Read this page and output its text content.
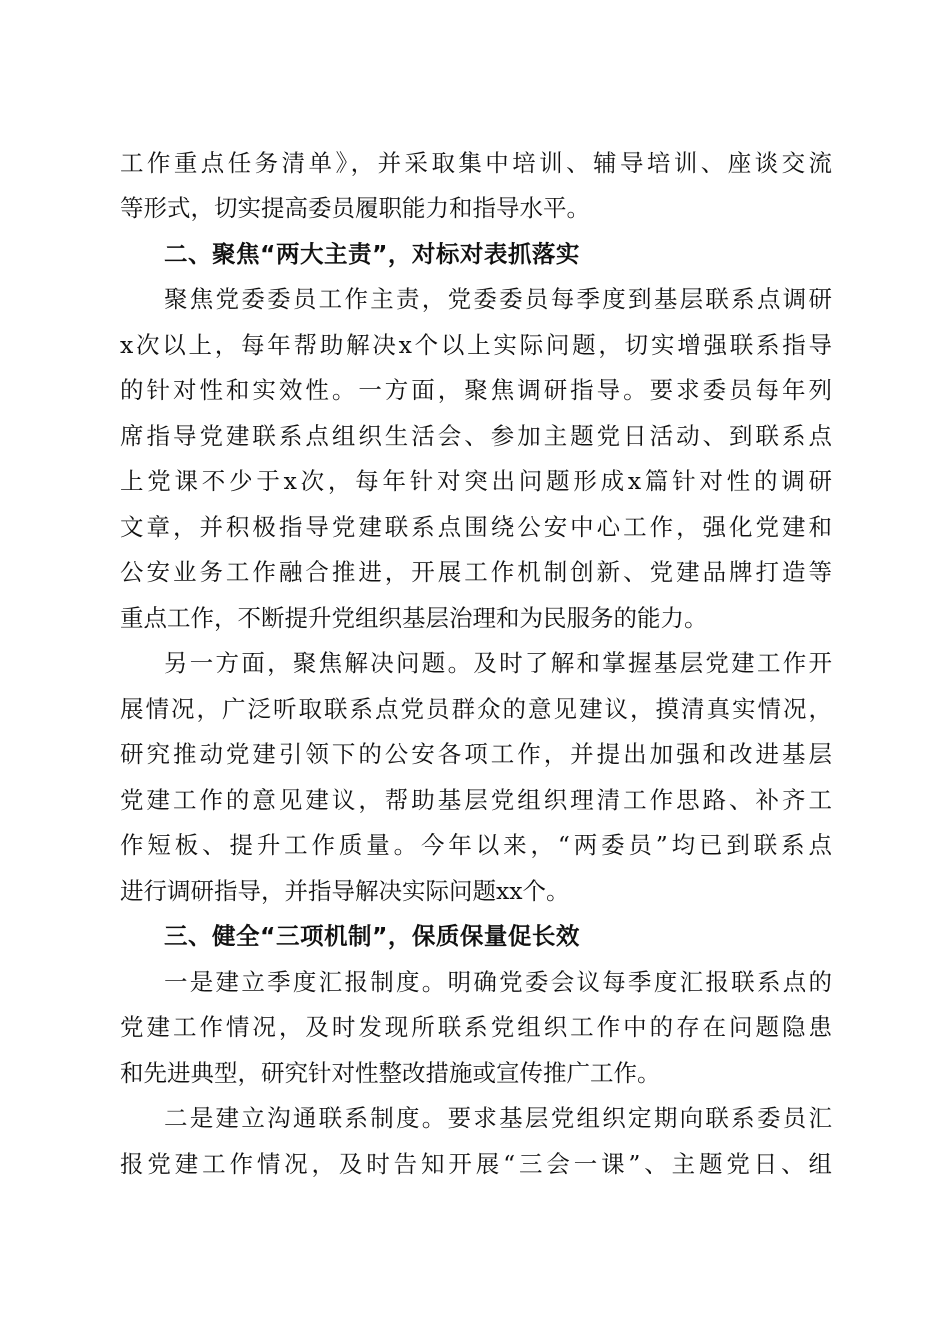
工作重点任务清单》，并采取集中培训、辅导培训、座谈交流

等形式，切实提高委员履职能力和指导水平。

二、聚焦“两大主责”，对标对表抓落实

聚焦党委委员工作主责，党委委员每季度到基层联系点调研

x次以上，每年帮助解决x个以上实际问题，切实增强联系指导

的针对性和实效性。一方面，聚焦调研指导。要求委员每年列

席指导党建联系点组织生活会、参加主题党日活动、到联系点

上党课不少于x次，每年针对突出问题形成x篇针对性的调研

文章，并积极指导党建联系点围绕公安中心工作，强化党建和

公安业务工作融合推进，开展工作机制创新、党建品牌打造等

重点工作，不断提升党组织基层治理和为民服务的能力。

另一方面，聚焦解决问题。及时了解和掌握基层党建工作开

展情况，广泛听取联系点党员群众的意见建议，摸清真实情况，

研究推动党建引领下的公安各项工作，并提出加强和改进基层

党建工作的意见建议，帮助基层党组织理清工作思路、补齐工

作短板、提升工作质量。今年以来，“两委员”均已到联系点

进行调研指导，并指导解决实际问题xx个。

三、健全“三项机制”，保质保量促长效

一是建立季度汇报制度。明确党委会议每季度汇报联系点的

党建工作情况，及时发现所联系党组织工作中的存在问题隐患

和先进典型，研究针对性整改措施或宣传推广工作。

二是建立沟通联系制度。要求基层党组织定期向联系委员汇

报党建工作情况，及时告知开展“三会一课”、主题党日、组
